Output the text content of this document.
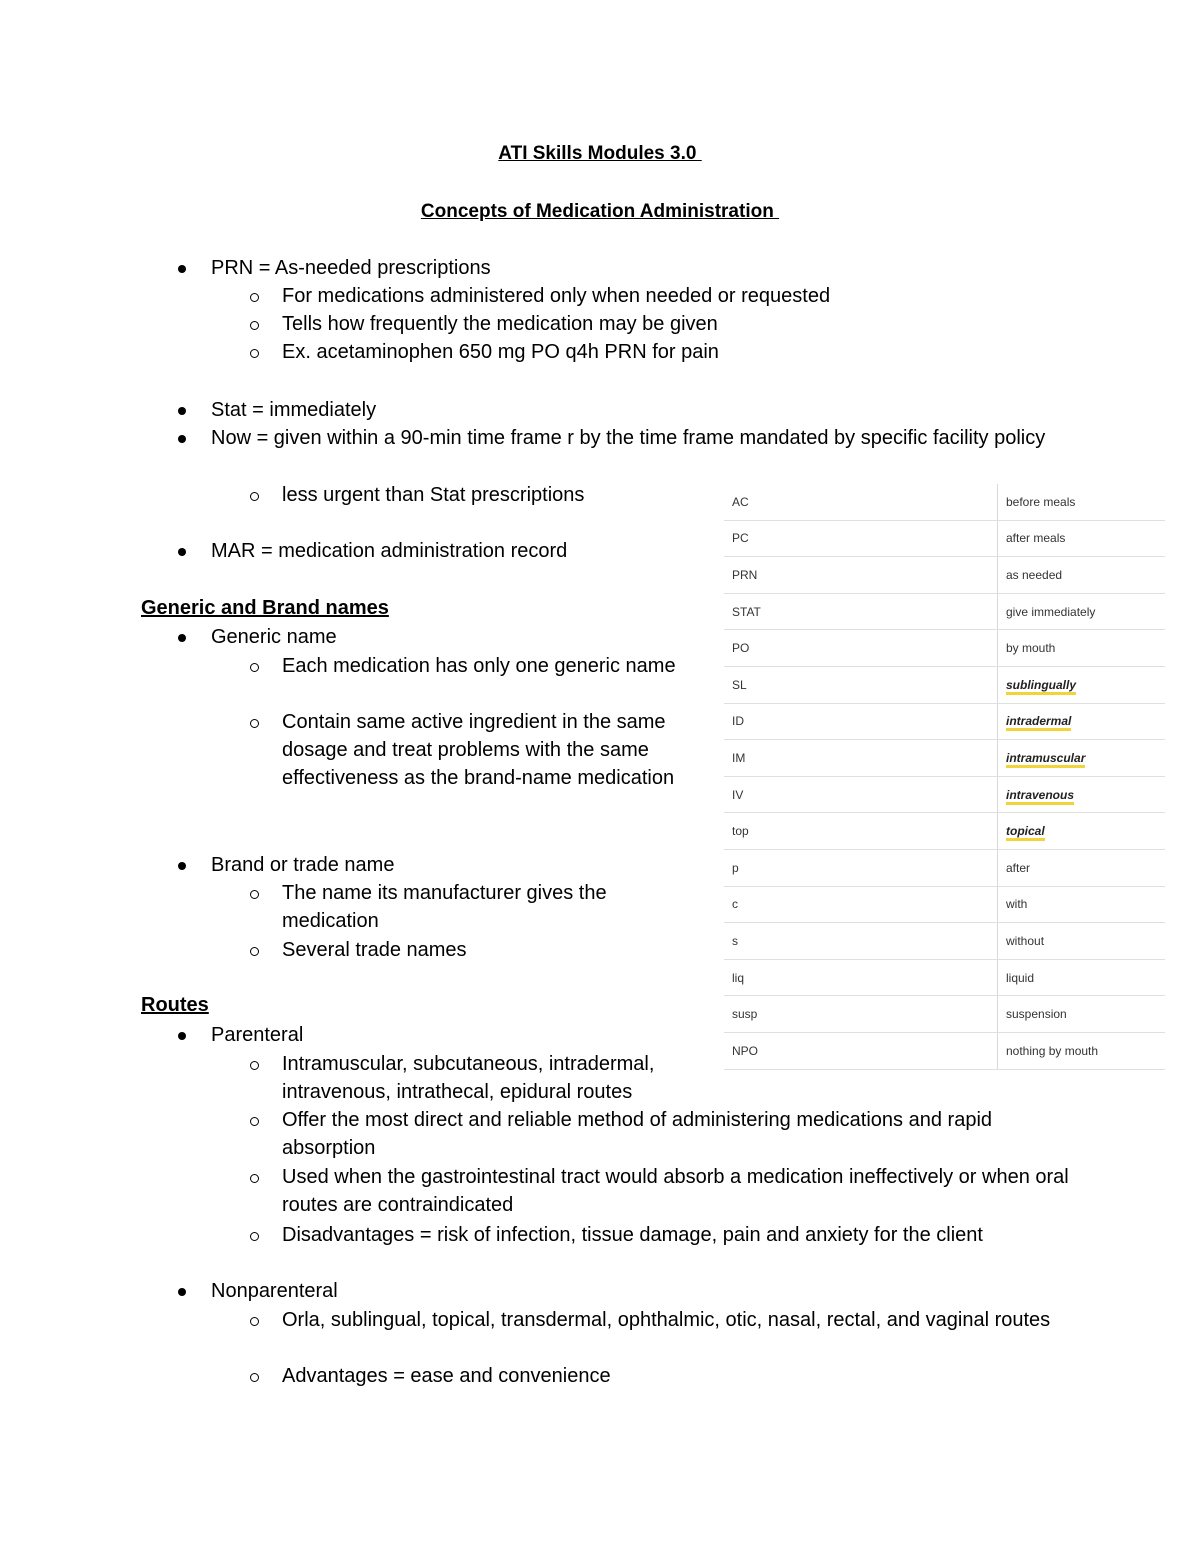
ATI Skills Modules 3.0
Concepts of Medication Administration
PRN = As-needed prescriptions
For medications administered only when needed or requested
Tells how frequently the medication may be given
Ex. acetaminophen 650 mg PO q4h PRN for pain
Stat = immediately
Now = given within a 90-min time frame r by the time frame mandated by specific facility policy
less urgent than Stat prescriptions
MAR = medication administration record
Generic and Brand names
Generic name
Each medication has only one generic name
Contain same active ingredient in the same dosage and treat problems with the same effectiveness as the brand-name medication
Brand or trade name
The name its manufacturer gives the medication
Several trade names
Routes
Parenteral
Intramuscular, subcutaneous, intradermal, intravenous, intrathecal, epidural routes
Offer the most direct and reliable method of administering medications and rapid absorption
Used when the gastrointestinal tract would absorb a medication ineffectively or when oral routes are contraindicated
Disadvantages = risk of infection, tissue damage, pain and anxiety for the client
Nonparenteral
Orla, sublingual, topical, transdermal, ophthalmic, otic, nasal, rectal, and vaginal routes
Advantages = ease and convenience
AC	before meals
PC	after meals
PRN	as needed
STAT	give immediately
PO	by mouth
SL	sublingually
ID	intradermal
IM	intramuscular
IV	intravenous
top	topical
p	after
c	with
s	without
liq	liquid
susp	suspension
NPO	nothing by mouth
